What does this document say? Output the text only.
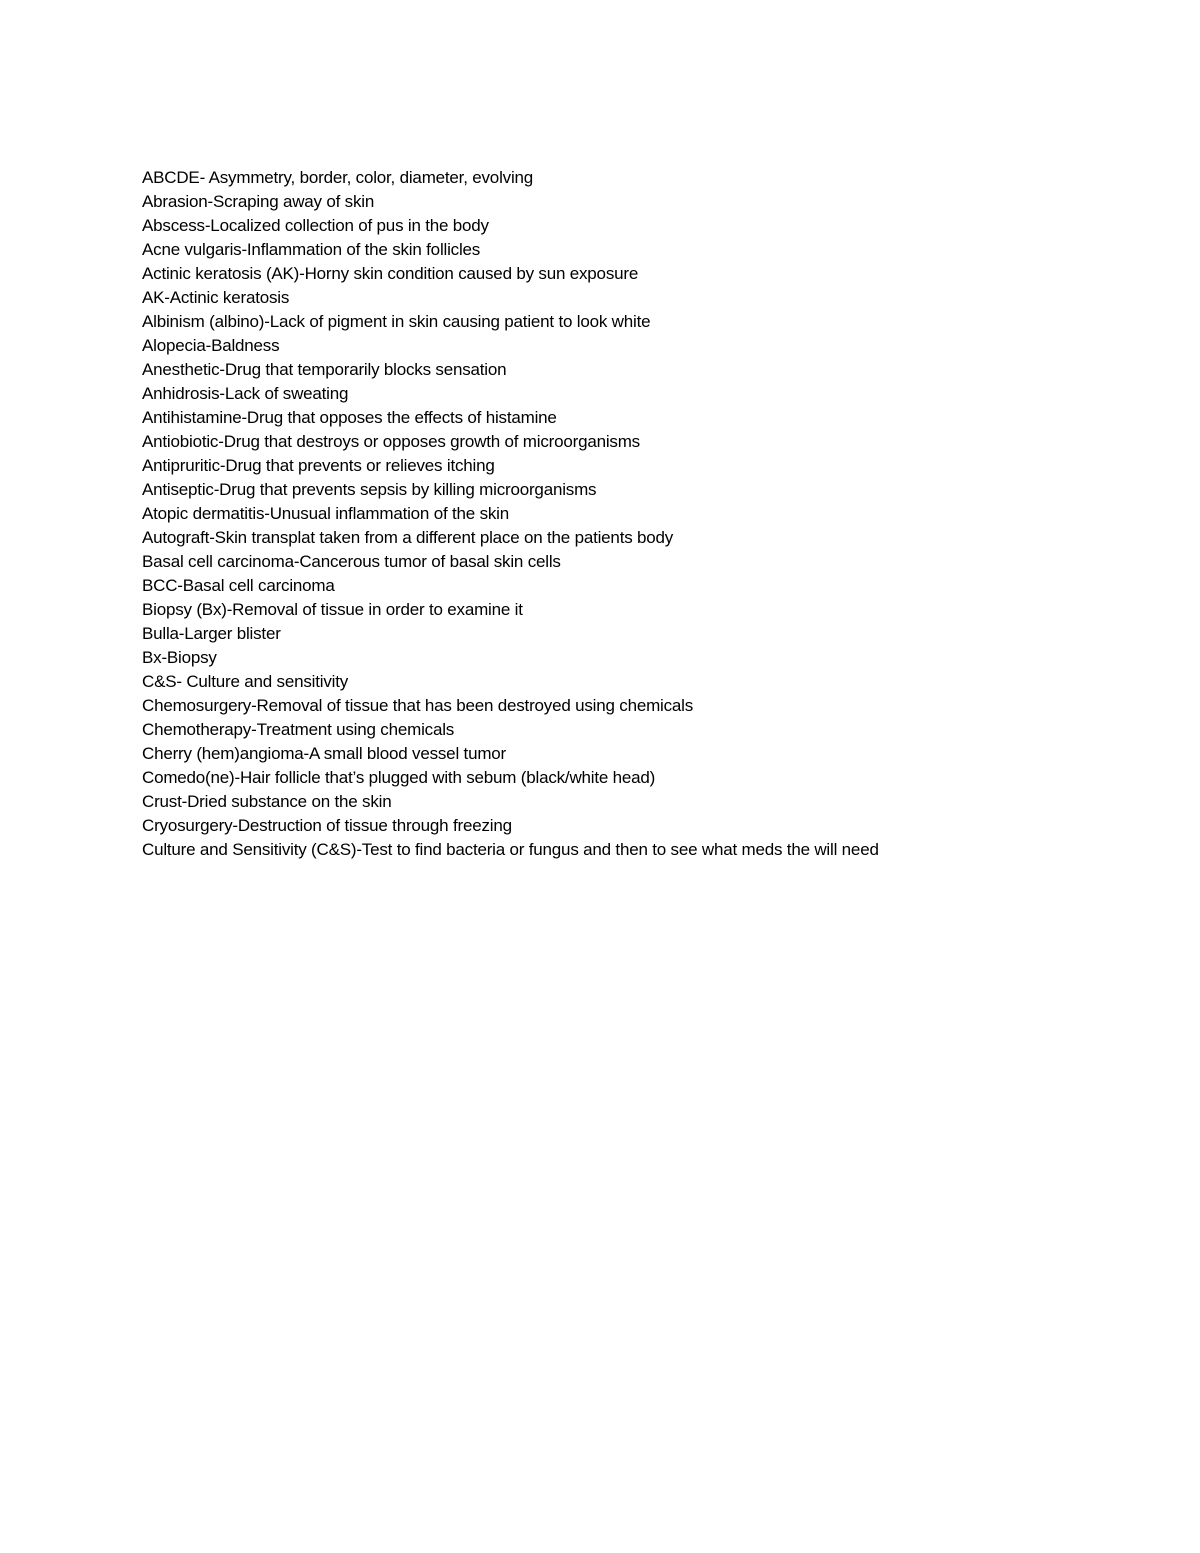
ABCDE- Asymmetry, border, color, diameter, evolving
Abrasion-Scraping away of skin
Abscess-Localized collection of pus in the body
Acne vulgaris-Inflammation of the skin follicles
Actinic keratosis (AK)-Horny skin condition caused by sun exposure
AK-Actinic keratosis
Albinism (albino)-Lack of pigment in skin causing patient to look white
Alopecia-Baldness
Anesthetic-Drug that temporarily blocks sensation
Anhidrosis-Lack of sweating
Antihistamine-Drug that opposes the effects of histamine
Antiobiotic-Drug that destroys or opposes growth of microorganisms
Antipruritic-Drug that prevents or relieves itching
Antiseptic-Drug that prevents sepsis by killing microorganisms
Atopic dermatitis-Unusual inflammation of the skin
Autograft-Skin transplat taken from a different place on the patients body
Basal cell carcinoma-Cancerous tumor of basal skin cells
BCC-Basal cell carcinoma
Biopsy (Bx)-Removal of tissue in order to examine it
Bulla-Larger blister
Bx-Biopsy
C&S- Culture and sensitivity
Chemosurgery-Removal of tissue that has been destroyed using chemicals
Chemotherapy-Treatment using chemicals
Cherry (hem)angioma-A small blood vessel tumor
Comedo(ne)-Hair follicle that’s plugged with sebum (black/white head)
Crust-Dried substance on the skin
Cryosurgery-Destruction of tissue through freezing
Culture and Sensitivity (C&S)-Test to find bacteria or fungus and then to see what meds the will need
